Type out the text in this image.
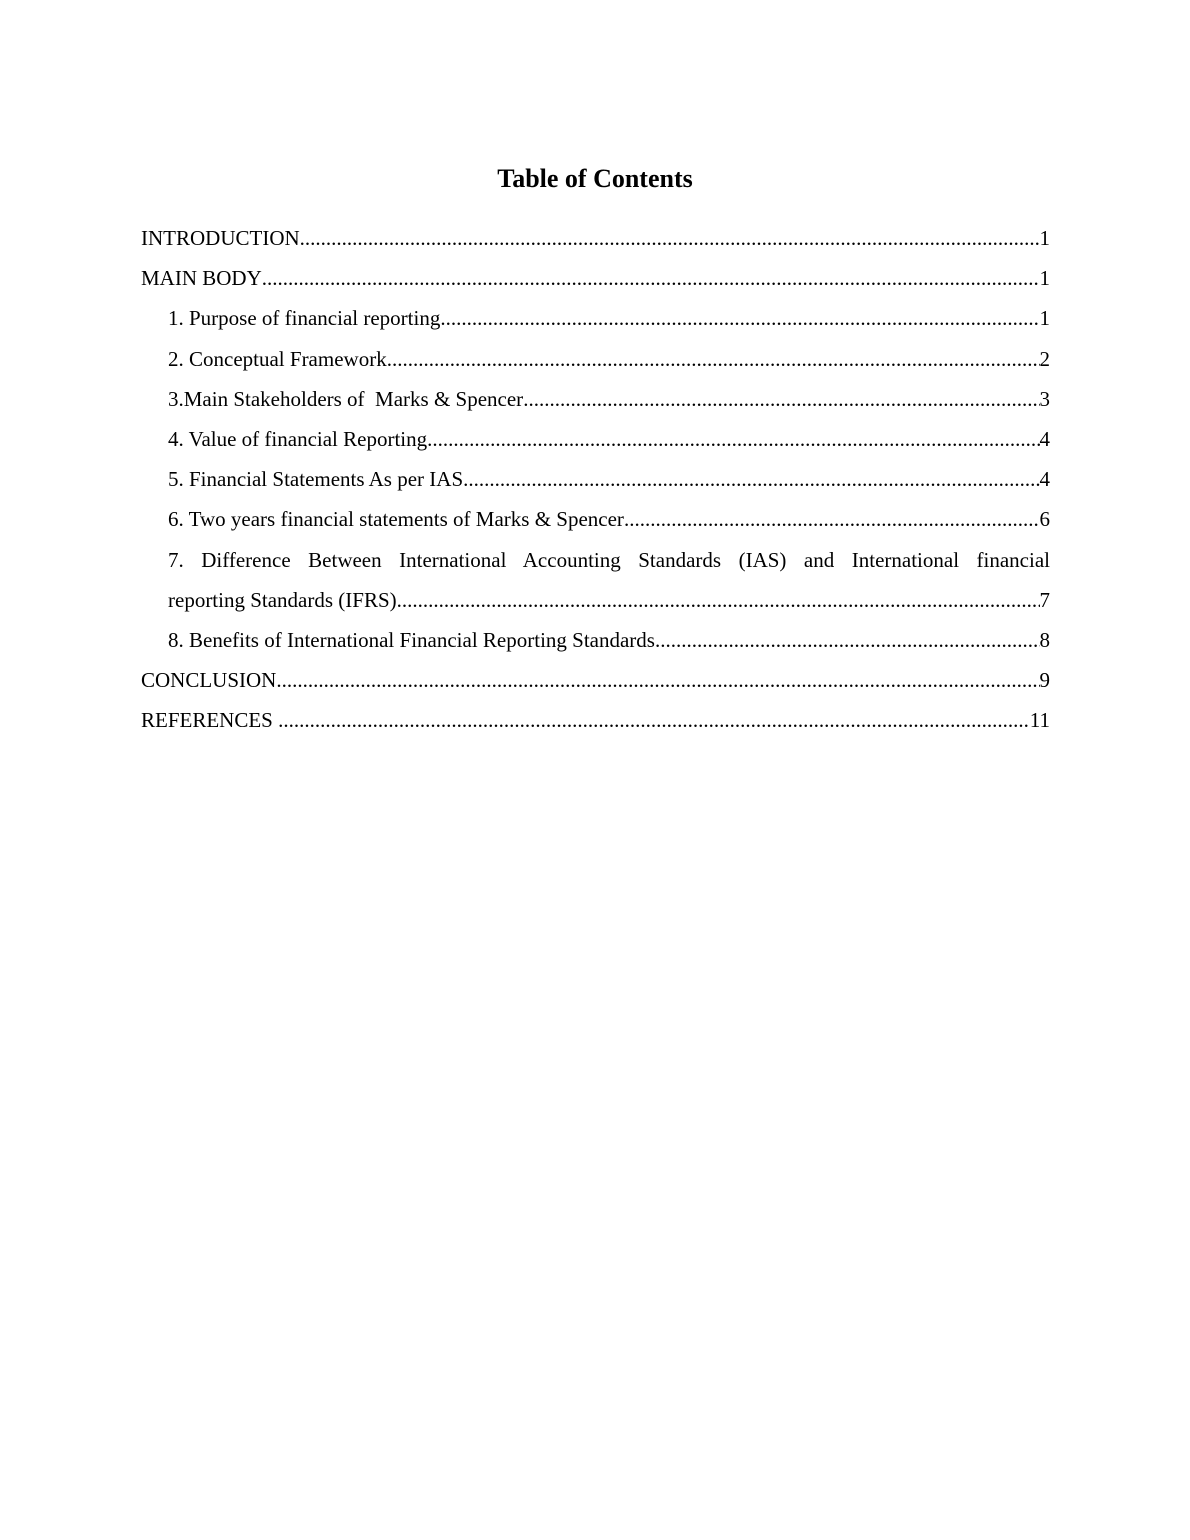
Table of Contents
INTRODUCTION .....	1
MAIN BODY .....	1
1. Purpose of financial reporting .....	1
2. Conceptual Framework .....	2
3.Main Stakeholders of  Marks & Spencer .....	3
4. Value of financial Reporting .....	4
5. Financial Statements As per IAS .....	4
6. Two years financial statements of Marks & Spencer .....	6
7. Difference Between International Accounting Standards (IAS) and International financial
reporting Standards (IFRS) .....	7
8. Benefits of International Financial Reporting Standards .....	8
CONCLUSION .....	9
REFERENCES .....	11
